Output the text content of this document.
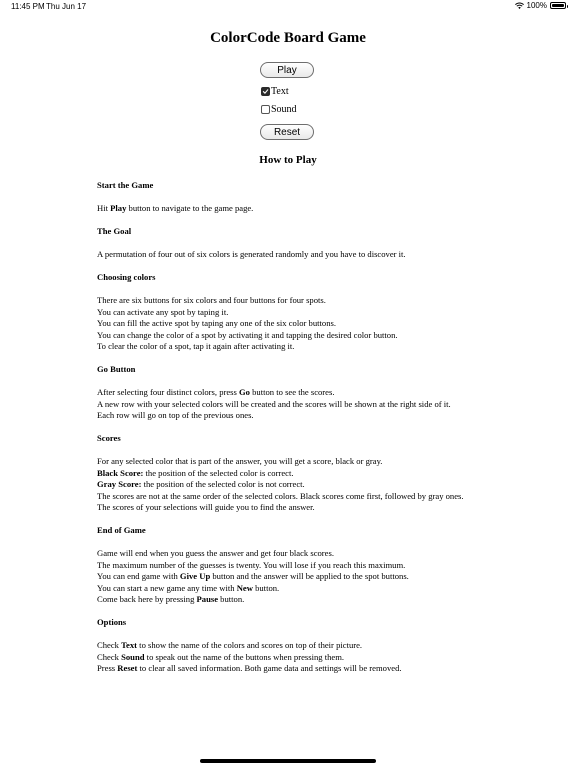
11:45 PM Thu Jun 17	100%
ColorCode Board Game
Play
Text
Sound
Reset
How to Play

Start the Game

Hit Play button to navigate to the game page.

The Goal

A permutation of four out of six colors is generated randomly and you have to discover it.

Choosing colors

There are six buttons for six colors and four buttons for four spots.

You can activate any spot by taping it.

You can fill the active spot by taping any one of the six color buttons.

You can change the color of a spot by activating it and tapping the desired color button.

To clear the color of a spot, tap it again after activating it.

Go Button

After selecting four distinct colors, press Go button to see the scores.

A new row with your selected colors will be created and the scores will be shown at the right side of it.

Each row will go on top of the previous ones.

Scores

For any selected color that is part of the answer, you will get a score, black or gray.

Black Score: the position of the selected color is correct.

Gray Score: the position of the selected color is not correct.

The scores are not at the same order of the selected colors. Black scores come first, followed by gray ones.

The scores of your selections will guide you to find the answer.

End of Game

Game will end when you guess the answer and get four black scores.

The maximum number of the guesses is twenty. You will lose if you reach this maximum.

You can end game with Give Up button and the answer will be applied to the spot buttons.

You can start a new game any time with New button.

Come back here by pressing Pause button.

Options

Check Text to show the name of the colors and scores on top of their picture.

Check Sound to speak out the name of the buttons when pressing them.

Press Reset to clear all saved information. Both game data and settings will be removed.
